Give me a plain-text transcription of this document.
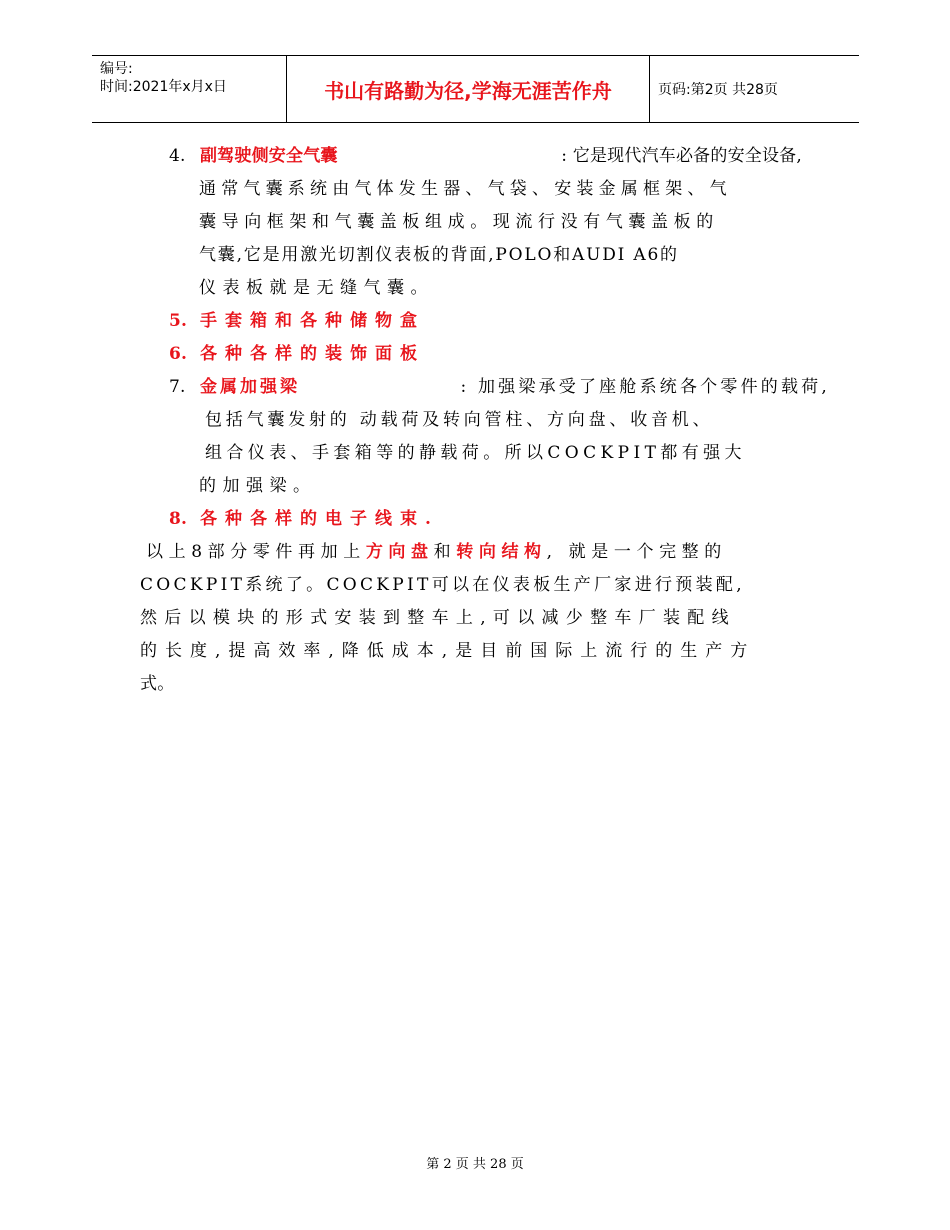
编号:
时间:2021年x月x日	书山有路勤为径,学海无涯苦作舟	页码:第2页 共28页
4. 副驾驶侧安全气囊	: 它是现代汽车必备的安全设备,
通常气囊系统由气体发生器、气袋、安装金属框架、气
囊导向框架和气囊盖板组成。现流行没有气囊盖板的
气囊,它是用激光切割仪表板的背面,POLO和AUDI A6的
仪表板就是无缝气囊。
5. 手套箱和各种储物盒
6. 各种各样的装饰面板
7. 金属加强梁	: 加强梁承受了座舱系统各个零件的载荷,
包括气囊发射的 动载荷及转向管柱、方向盘、收音机、
组合仪表、手套箱等的静载荷。所以COCKPIT都有强大
的加强梁。
8. 各种各样的电子线束.
以上8部分零件再加上方向盘和转向结构, 就是一个完整的
COCKPIT系统了。COCKPIT可以在仪表板生产厂家进行预装配,
然后以模块的形式安装到整车上,可以减少整车厂装配线
的长度,提高效率,降低成本,是目前国际上流行的生产方
式。
第 2 页 共 28 页
